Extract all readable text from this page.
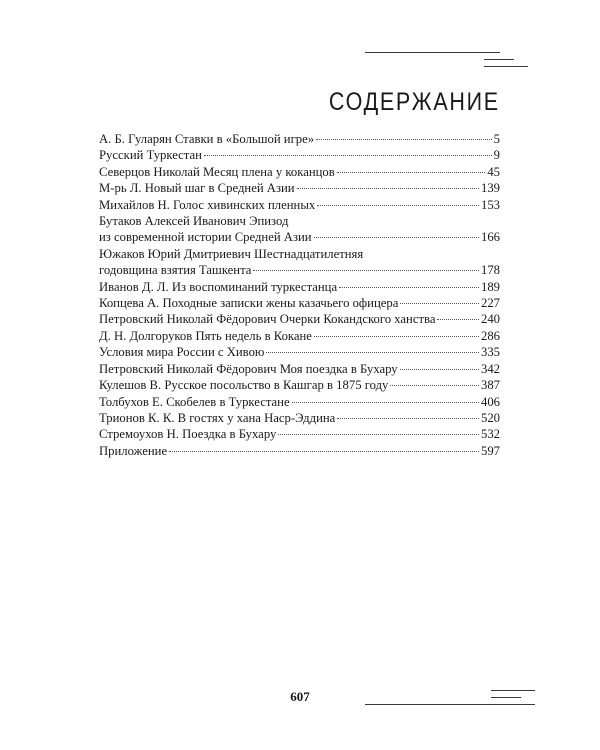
СОДЕРЖАНИЕ
А. Б. Гуларян Ставки в «Большой игре»	5
Русский Туркестан	9
Северцов Николай Месяц плена у коканцов	45
М-рь Л. Новый шаг в Средней Азии	139
Михайлов Н. Голос хивинских пленных	153
Бутаков Алексей Иванович Эпизод
из современной истории Средней Азии	166
Южаков Юрий Дмитриевич Шестнадцатилетняя
годовщина взятия Ташкента	178
Иванов Д. Л. Из воспоминаний туркестанца	189
Копцева А. Походные записки жены казачьего офицера	227
Петровский Николай Фёдорович Очерки Кокандского ханства	240
Д. Н. Долгоруков Пять недель в Кокане	286
Условия мира России с Хивою	335
Петровский Николай Фёдорович Моя поездка в Бухару	342
Кулешов В. Русское посольство в Кашгар в 1875 году	387
Толбухов Е. Скобелев в Туркестане	406
Трионов К. К. В гостях у хана Наср-Эддина	520
Стремоухов Н. Поездка в Бухару	532
Приложение	597
607
